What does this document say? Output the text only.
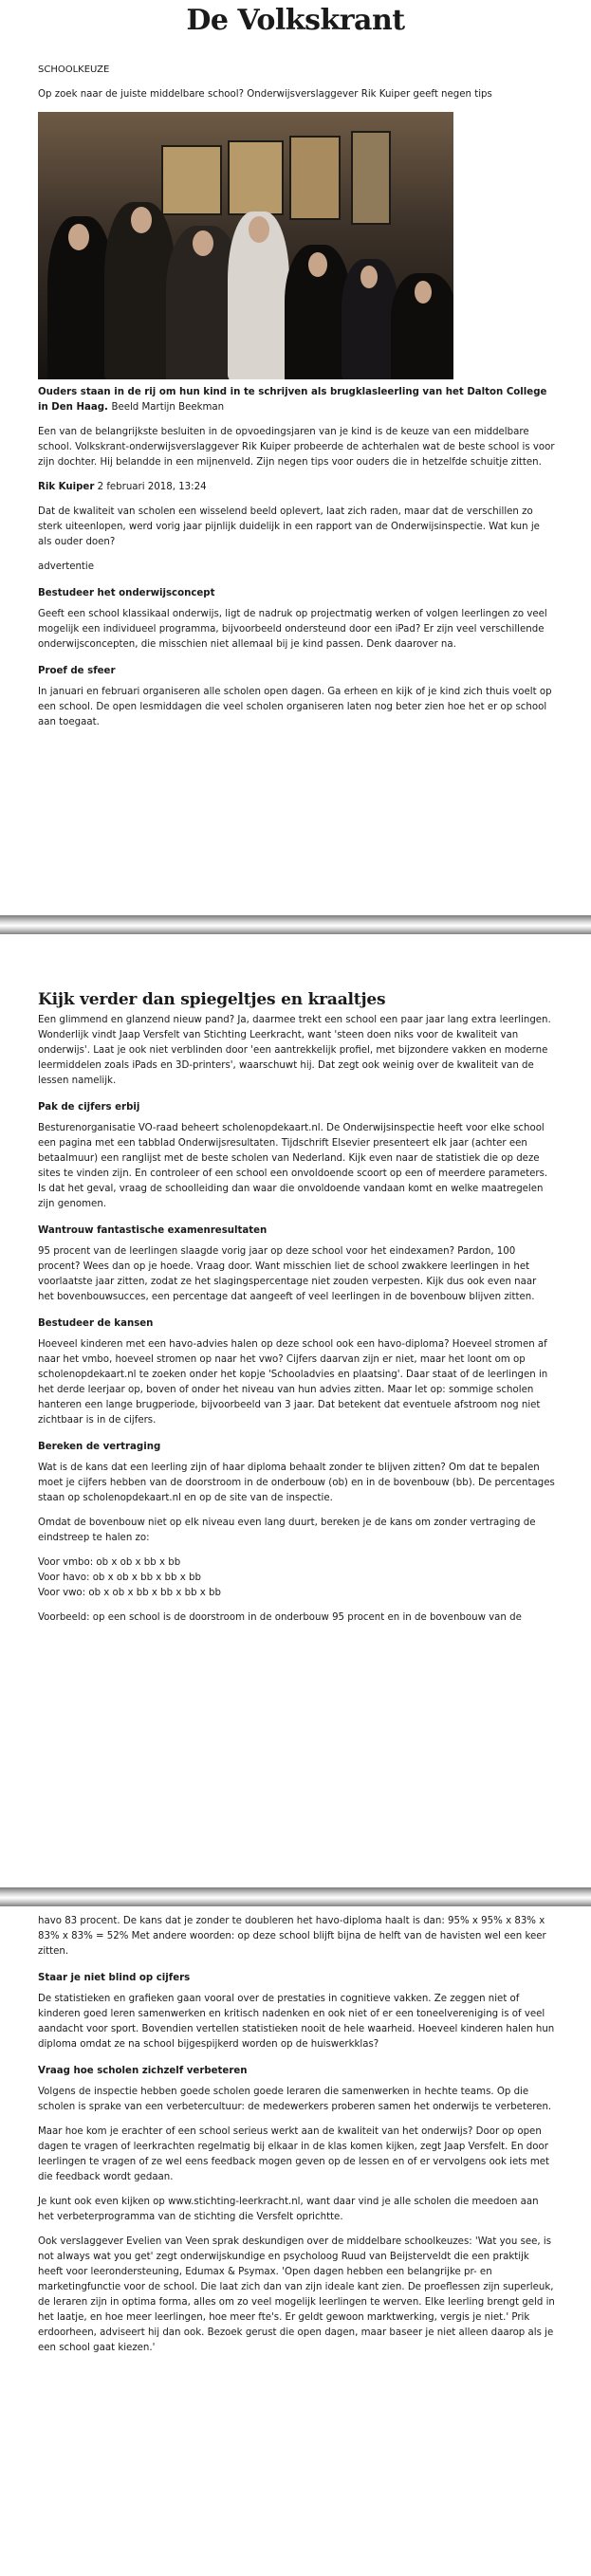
De Volkskrant
SCHOOLKEUZE
Op zoek naar de juiste middelbare school? Onderwijsverslaggever Rik Kuiper geeft negen tips
Ouders staan in de rij om hun kind in te schrijven als brugklasleerling van het Dalton College in Den Haag. Beeld Martijn Beekman

Een van de belangrijkste besluiten in de opvoedingsjaren van je kind is de keuze van een middelbare school. Volkskrant-onderwijsverslaggever Rik Kuiper probeerde de achterhalen wat de beste school is voor zijn dochter. Hij belandde in een mijnenveld. Zijn negen tips voor ouders die in hetzelfde schuitje zitten.

Rik Kuiper 2 februari 2018, 13:24

Dat de kwaliteit van scholen een wisselend beeld oplevert, laat zich raden, maar dat de verschillen zo sterk uiteenlopen, werd vorig jaar pijnlijk duidelijk in een rapport van de Onderwijsinspectie. Wat kun je als ouder doen?

advertentie

Bestudeer het onderwijsconcept

Geeft een school klassikaal onderwijs, ligt de nadruk op projectmatig werken of volgen leerlingen zo veel mogelijk een individueel programma, bijvoorbeeld ondersteund door een iPad? Er zijn veel verschillende onderwijsconcepten, die misschien niet allemaal bij je kind passen. Denk daarover na.

Proef de sfeer

In januari en februari organiseren alle scholen open dagen. Ga erheen en kijk of je kind zich thuis voelt op een school. De open lesmiddagen die veel scholen organiseren laten nog beter zien hoe het er op school aan toegaat.

Kijk verder dan spiegeltjes en kraaltjes

Een glimmend en glanzend nieuw pand? Ja, daarmee trekt een school een paar jaar lang extra leerlingen. Wonderlijk vindt Jaap Versfelt van Stichting Leerkracht, want 'steen doen niks voor de kwaliteit van onderwijs'. Laat je ook niet verblinden door 'een aantrekkelijk profiel, met bijzondere vakken en moderne leermiddelen zoals iPads en 3D-printers', waarschuwt hij. Dat zegt ook weinig over de kwaliteit van de lessen namelijk.

Pak de cijfers erbij

Besturenorganisatie VO-raad beheert scholenopdekaart.nl. De Onderwijsinspectie heeft voor elke school een pagina met een tabblad Onderwijsresultaten. Tijdschrift Elsevier presenteert elk jaar (achter een betaalmuur) een ranglijst met de beste scholen van Nederland. Kijk even naar de statistiek die op deze sites te vinden zijn. En controleer of een school een onvoldoende scoort op een of meerdere parameters. Is dat het geval, vraag de schoolleiding dan waar die onvoldoende vandaan komt en welke maatregelen zijn genomen.

Wantrouw fantastische examenresultaten

95 procent van de leerlingen slaagde vorig jaar op deze school voor het eindexamen? Pardon, 100 procent? Wees dan op je hoede. Vraag door. Want misschien liet de school zwakkere leerlingen in het voorlaatste jaar zitten, zodat ze het slagingspercentage niet zouden verpesten. Kijk dus ook even naar het bovenbouwsucces, een percentage dat aangeeft of veel leerlingen in de bovenbouw blijven zitten.

Bestudeer de kansen

Hoeveel kinderen met een havo-advies halen op deze school ook een havo-diploma? Hoeveel stromen af naar het vmbo, hoeveel stromen op naar het vwo? Cijfers daarvan zijn er niet, maar het loont om op scholenopdekaart.nl te zoeken onder het kopje 'Schooladvies en plaatsing'. Daar staat of de leerlingen in het derde leerjaar op, boven of onder het niveau van hun advies zitten. Maar let op: sommige scholen hanteren een lange brugperiode, bijvoorbeeld van 3 jaar. Dat betekent dat eventuele afstroom nog niet zichtbaar is in de cijfers.

Bereken de vertraging

Wat is de kans dat een leerling zijn of haar diploma behaalt zonder te blijven zitten? Om dat te bepalen moet je cijfers hebben van de doorstroom in de onderbouw (ob) en in de bovenbouw (bb). De percentages staan op scholenopdekaart.nl en op de site van de inspectie.

Omdat de bovenbouw niet op elk niveau even lang duurt, bereken je de kans om zonder vertraging de eindstreep te halen zo:

Voor vmbo: ob x ob x bb x bb
Voor havo: ob x ob x bb x bb x bb
Voor vwo: ob x ob x bb x bb x bb x bb

Voorbeeld: op een school is de doorstroom in de onderbouw 95 procent en in de bovenbouw van de

havo 83 procent. De kans dat je zonder te doubleren het havo-diploma haalt is dan: 95% x 95% x 83% x 83% x 83% = 52% Met andere woorden: op deze school blijft bijna de helft van de havisten wel een keer zitten.

Staar je niet blind op cijfers

De statistieken en grafieken gaan vooral over de prestaties in cognitieve vakken. Ze zeggen niet of kinderen goed leren samenwerken en kritisch nadenken en ook niet of er een toneelvereniging is of veel aandacht voor sport. Bovendien vertellen statistieken nooit de hele waarheid. Hoeveel kinderen halen hun diploma omdat ze na school bijgespijkerd worden op de huiswerkklas?

Vraag hoe scholen zichzelf verbeteren

Volgens de inspectie hebben goede scholen goede leraren die samenwerken in hechte teams. Op die scholen is sprake van een verbetercultuur: de medewerkers proberen samen het onderwijs te verbeteren.

Maar hoe kom je erachter of een school serieus werkt aan de kwaliteit van het onderwijs? Door op open dagen te vragen of leerkrachten regelmatig bij elkaar in de klas komen kijken, zegt Jaap Versfelt. En door leerlingen te vragen of ze wel eens feedback mogen geven op de lessen en of er vervolgens ook iets met die feedback wordt gedaan.

Je kunt ook even kijken op www.stichting-leerkracht.nl, want daar vind je alle scholen die meedoen aan het verbeterprogramma van de stichting die Versfelt oprichtte.

Ook verslaggever Evelien van Veen sprak deskundigen over de middelbare schoolkeuzes: 'Wat you see, is not always wat you get' zegt onderwijskundige en psycholoog Ruud van Beijsterveldt die een praktijk heeft voor leerondersteuning, Edumax & Psymax. 'Open dagen hebben een belangrijke pr- en marketingfunctie voor de school. Die laat zich dan van zijn ideale kant zien. De proeflessen zijn superleuk, de leraren zijn in optima forma, alles om zo veel mogelijk leerlingen te werven. Elke leerling brengt geld in het laatje, en hoe meer leerlingen, hoe meer fte's. Er geldt gewoon marktwerking, vergis je niet.' Prik erdoorheen, adviseert hij dan ook. Bezoek gerust die open dagen, maar baseer je niet alleen daarop als je een school gaat kiezen.'
